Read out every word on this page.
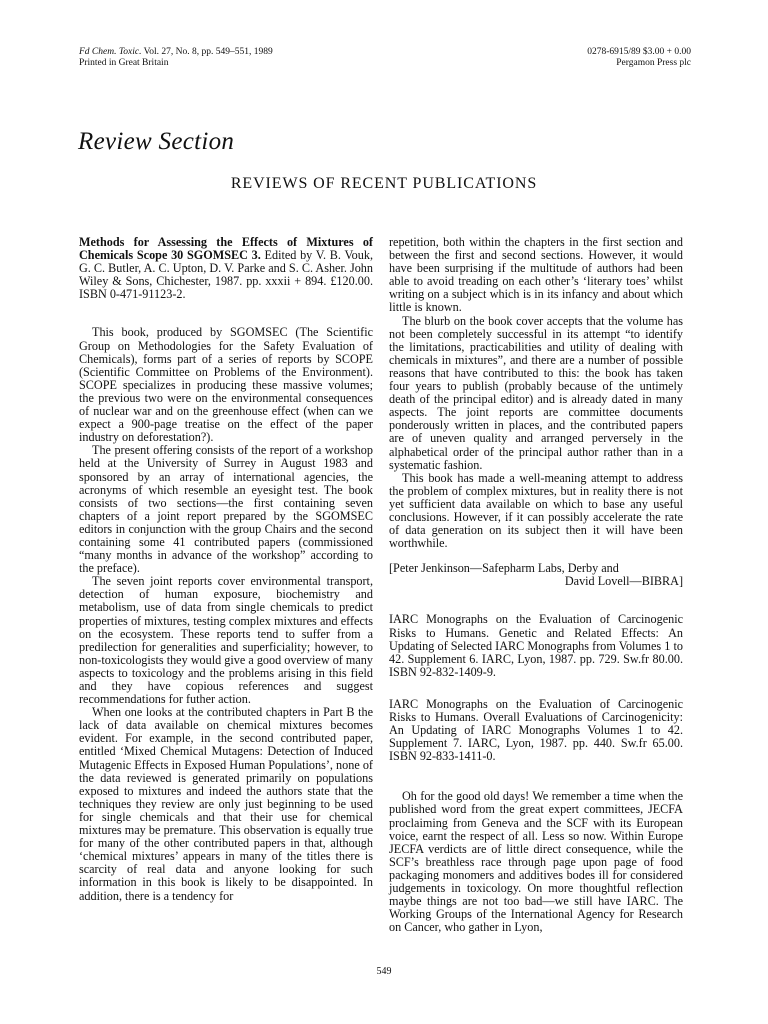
Fd Chem. Toxic. Vol. 27, No. 8, pp. 549–551, 1989
Printed in Great Britain
0278-6915/89 $3.00 + 0.00
Pergamon Press plc
Review Section
REVIEWS OF RECENT PUBLICATIONS

Methods for Assessing the Effects of Mixtures of Chemicals Scope 30 SGOMSEC 3. Edited by V. B. Vouk, G. C. Butler, A. C. Upton, D. V. Parke and S. C. Asher. John Wiley & Sons, Chichester, 1987. pp. xxxii + 894. £120.00. ISBN 0-471-91123-2.

This book, produced by SGOMSEC (The Scientific Group on Methodologies for the Safety Evaluation of Chemicals), forms part of a series of reports by SCOPE (Scientific Committee on Problems of the Environment). SCOPE specializes in producing these massive volumes; the previous two were on the environmental consequences of nuclear war and on the greenhouse effect (when can we expect a 900-page treatise on the effect of the paper industry on deforestation?).

The present offering consists of the report of a workshop held at the University of Surrey in August 1983 and sponsored by an array of international agencies, the acronyms of which resemble an eyesight test. The book consists of two sections—the first containing seven chapters of a joint report prepared by the SGOMSEC editors in conjunction with the group Chairs and the second containing some 41 contributed papers (commissioned “many months in advance of the workshop” according to the preface).

The seven joint reports cover environmental transport, detection of human exposure, biochemistry and metabolism, use of data from single chemicals to predict properties of mixtures, testing complex mixtures and effects on the ecosystem. These reports tend to suffer from a predilection for generalities and superficiality; however, to non-toxicologists they would give a good overview of many aspects to toxicology and the problems arising in this field and they have copious references and suggest recommendations for futher action.

When one looks at the contributed chapters in Part B the lack of data available on chemical mixtures becomes evident. For example, in the second contributed paper, entitled ‘Mixed Chemical Mutagens: Detection of Induced Mutagenic Effects in Exposed Human Populations’, none of the data reviewed is generated primarily on populations exposed to mixtures and indeed the authors state that the techniques they review are only just beginning to be used for single chemicals and that their use for chemical mixtures may be premature. This observation is equally true for many of the other contributed papers in that, although ‘chemical mixtures’ appears in many of the titles there is scarcity of real data and anyone looking for such information in this book is likely to be disappointed. In addition, there is a tendency for

repetition, both within the chapters in the first section and between the first and second sections. However, it would have been surprising if the multitude of authors had been able to avoid treading on each other’s ‘literary toes’ whilst writing on a subject which is in its infancy and about which little is known.

The blurb on the book cover accepts that the volume has not been completely successful in its attempt “to identify the limitations, practicabilities and utility of dealing with chemicals in mixtures”, and there are a number of possible reasons that have contributed to this: the book has taken four years to publish (probably because of the untimely death of the principal editor) and is already dated in many aspects. The joint reports are committee documents ponderously written in places, and the contributed papers are of uneven quality and arranged perversely in the alphabetical order of the principal author rather than in a systematic fashion.

This book has made a well-meaning attempt to address the problem of complex mixtures, but in reality there is not yet sufficient data available on which to base any useful conclusions. However, if it can possibly accelerate the rate of data generation on its subject then it will have been worthwhile.

[Peter Jenkinson—Safepharm Labs, Derby and
David Lovell—BIBRA]

IARC Monographs on the Evaluation of Carcinogenic Risks to Humans. Genetic and Related Effects: An Updating of Selected IARC Monographs from Volumes 1 to 42. Supplement 6. IARC, Lyon, 1987. pp. 729. Sw.fr 80.00. ISBN 92-832-1409-9.

IARC Monographs on the Evaluation of Carcinogenic Risks to Humans. Overall Evaluations of Carcinogenicity: An Updating of IARC Monographs Volumes 1 to 42. Supplement 7. IARC, Lyon, 1987. pp. 440. Sw.fr 65.00. ISBN 92-833-1411-0.

Oh for the good old days! We remember a time when the published word from the great expert committees, JECFA proclaiming from Geneva and the SCF with its European voice, earnt the respect of all. Less so now. Within Europe JECFA verdicts are of little direct consequence, while the SCF’s breathless race through page upon page of food packaging monomers and additives bodes ill for considered judgements in toxicology. On more thoughtful reflection maybe things are not too bad—we still have IARC. The Working Groups of the International Agency for Research on Cancer, who gather in Lyon,

549
